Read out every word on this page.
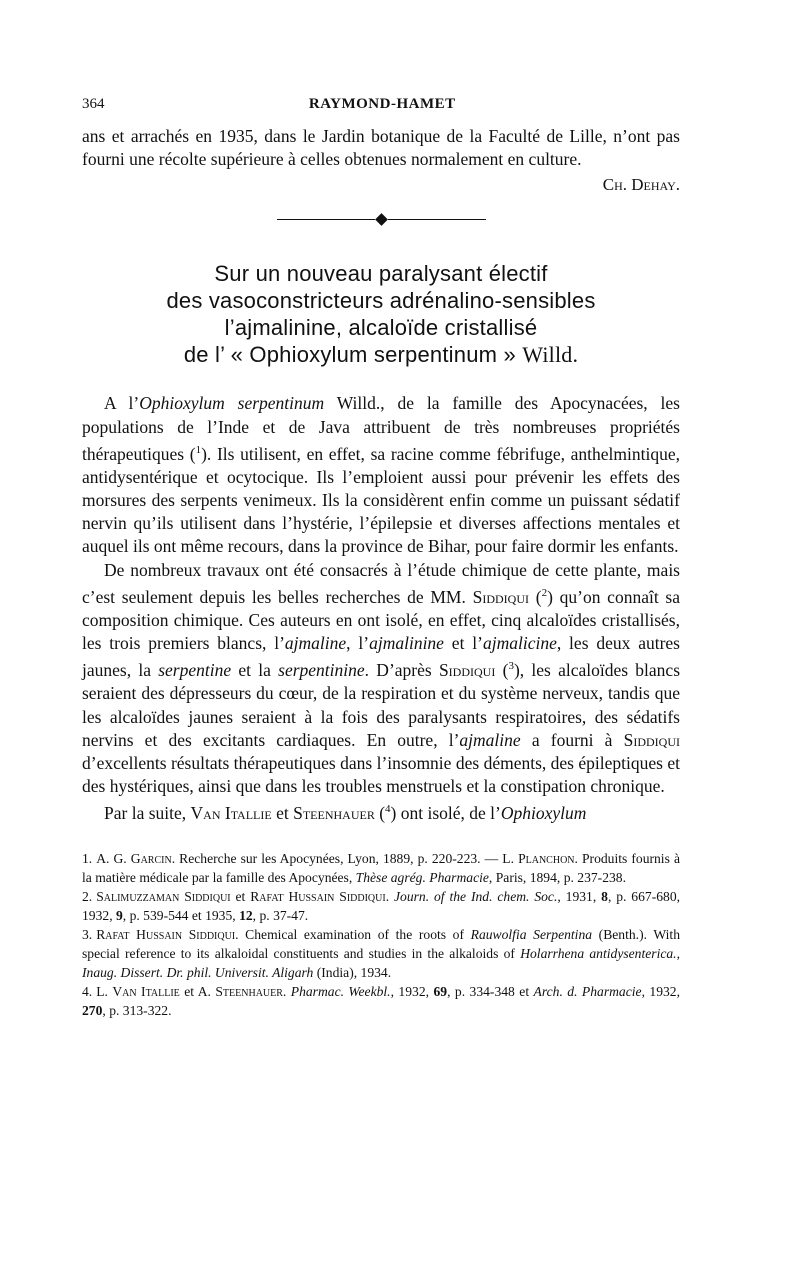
364	RAYMOND-HAMET

ans et arrachés en 1935, dans le Jardin botanique de la Faculté de Lille, n’ont pas fourni une récolte supérieure à celles obtenues normalement en culture.

Ch. Dehay.
Sur un nouveau paralysant électif
des vasoconstricteurs adrénalino-sensibles
l’ajmalinine, alcaloïde cristallisé
de l’ « Ophioxylum serpentinum » Willd.

A l’Ophioxylum serpentinum Willd., de la famille des Apocynacées, les populations de l’Inde et de Java attribuent de très nombreuses propriétés thérapeutiques ($^1$). Ils utilisent, en effet, sa racine comme fébrifuge, anthelmintique, antidysentérique et ocytocique. Ils l’emploient aussi pour prévenir les effets des morsures des serpents venimeux. Ils la considèrent enfin comme un puissant sédatif nervin qu’ils utilisent dans l’hystérie, l’épilepsie et diverses affections mentales et auquel ils ont même recours, dans la province de Bihar, pour faire dormir les enfants.

De nombreux travaux ont été consacrés à l’étude chimique de cette plante, mais c’est seulement depuis les belles recherches de MM. Siddiqui ($^2$) qu’on connaît sa composition chimique. Ces auteurs en ont isolé, en effet, cinq alcaloïdes cristallisés, les trois premiers blancs, l’ajmaline, l’ajmalinine et l’ajmalicine, les deux autres jaunes, la serpentine et la serpentinine. D’après Siddiqui ($^3$), les alcaloïdes blancs seraient des dépresseurs du cœur, de la respiration et du système nerveux, tandis que les alcaloïdes jaunes seraient à la fois des paralysants respiratoires, des sédatifs nervins et des excitants cardiaques. En outre, l’ajmaline a fourni à Siddiqui d’excellents résultats thérapeutiques dans l’insomnie des déments, des épileptiques et des hystériques, ainsi que dans les troubles menstruels et la constipation chronique.

Par la suite, Van Itallie et Steenhauer ($^4$) ont isolé, de l’Ophioxylum

1. A. G. Garcin. Recherche sur les Apocynées, Lyon, 1889, p. 220-223. — L. Planchon. Produits fournis à la matière médicale par la famille des Apocynées, Thèse agrég. Pharmacie, Paris, 1894, p. 237-238.

2. Salimuzzaman Siddiqui et Rafat Hussain Siddiqui. Journ. of the Ind. chem. Soc., 1931, 8, p. 667-680, 1932, 9, p. 539-544 et 1935, 12, p. 37-47.

3. Rafat Hussain Siddiqui. Chemical examination of the roots of Rauwolfia Serpentina (Benth.). With special reference to its alkaloidal constituents and studies in the alkaloids of Holarrhena antidysenterica., Inaug. Dissert. Dr. phil. Universit. Aligarh (India), 1934.

4. L. Van Itallie et A. Steenhauer. Pharmac. Weekbl., 1932, 69, p. 334-348 et Arch. d. Pharmacie, 1932, 270, p. 313-322.
